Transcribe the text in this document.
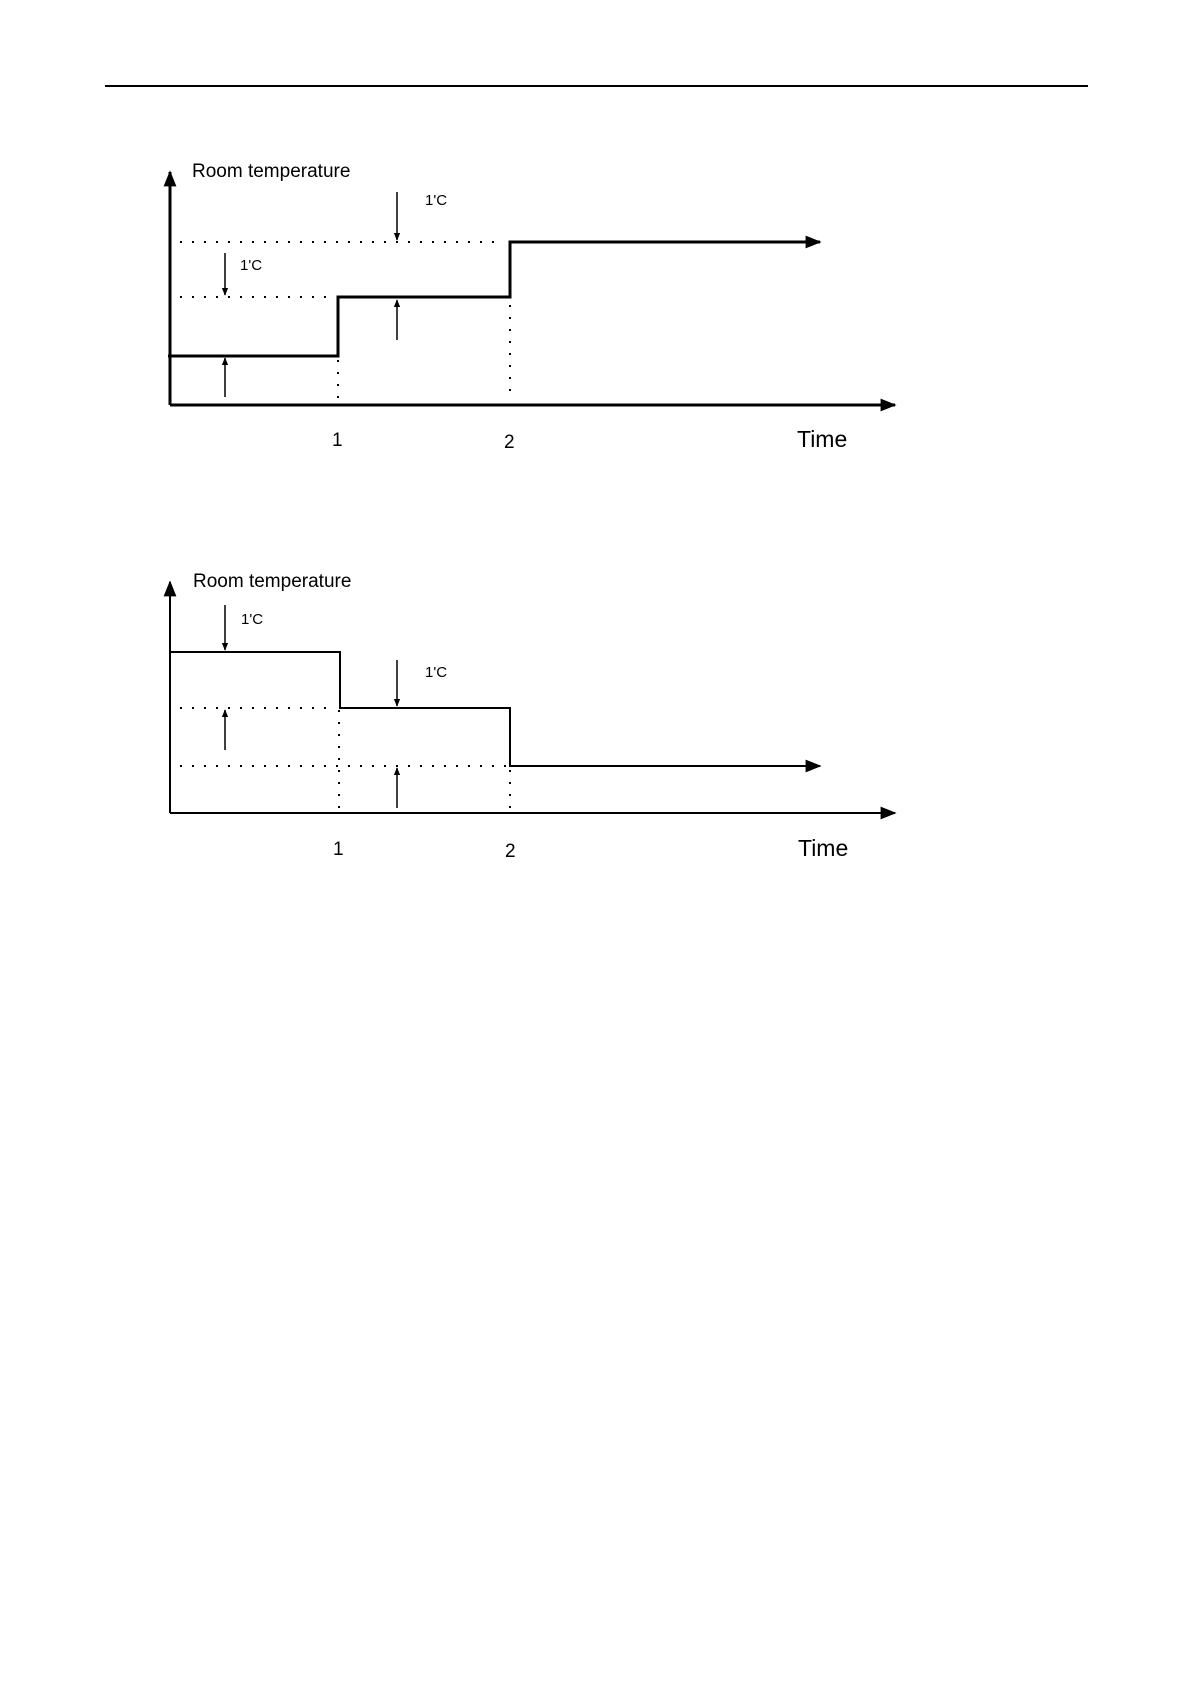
Room temperature
1'C
1'C
1	2	Time
Room temperature
1'C
1'C
1	2	Time
